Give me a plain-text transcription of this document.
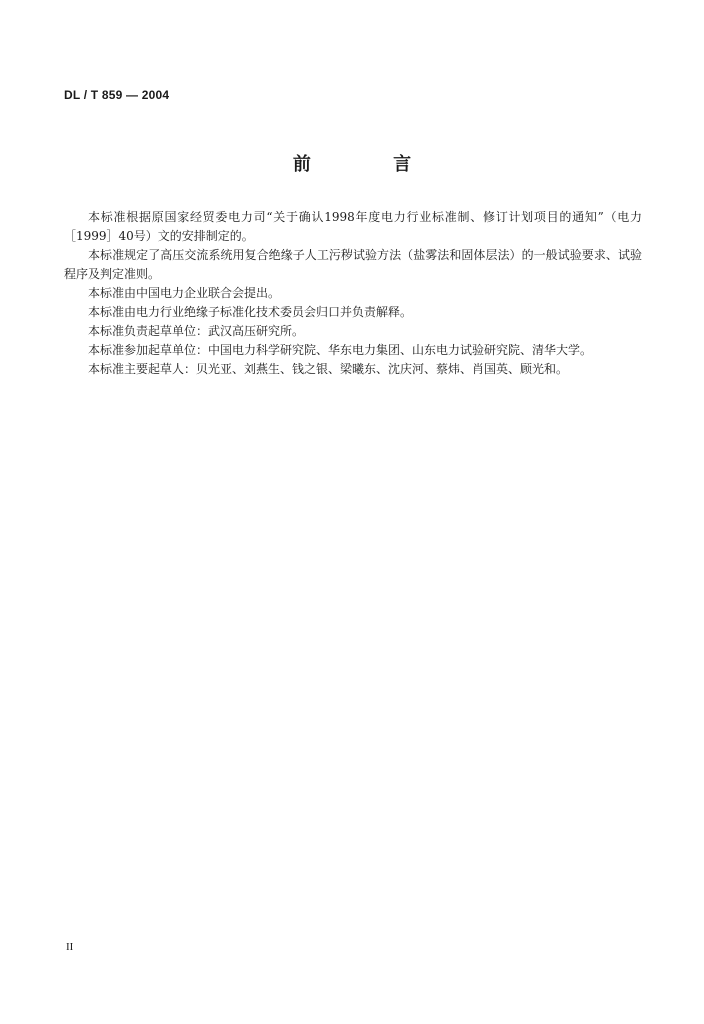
DL / T 859 — 2004
前 言

本标准根据原国家经贸委电力司“关于确认1998年度电力行业标准制、修订计划项目的通知”（电力［1999］40号）文的安排制定的。

本标准规定了高压交流系统用复合绝缘子人工污秽试验方法（盐雾法和固体层法）的一般试验要求、试验程序及判定准则。

本标准由中国电力企业联合会提出。

本标准由电力行业绝缘子标准化技术委员会归口并负责解释。

本标准负责起草单位：武汉高压研究所。

本标准参加起草单位：中国电力科学研究院、华东电力集团、山东电力试验研究院、清华大学。

本标准主要起草人：贝光亚、刘燕生、钱之银、梁曦东、沈庆河、蔡炜、肖国英、顾光和。

II
